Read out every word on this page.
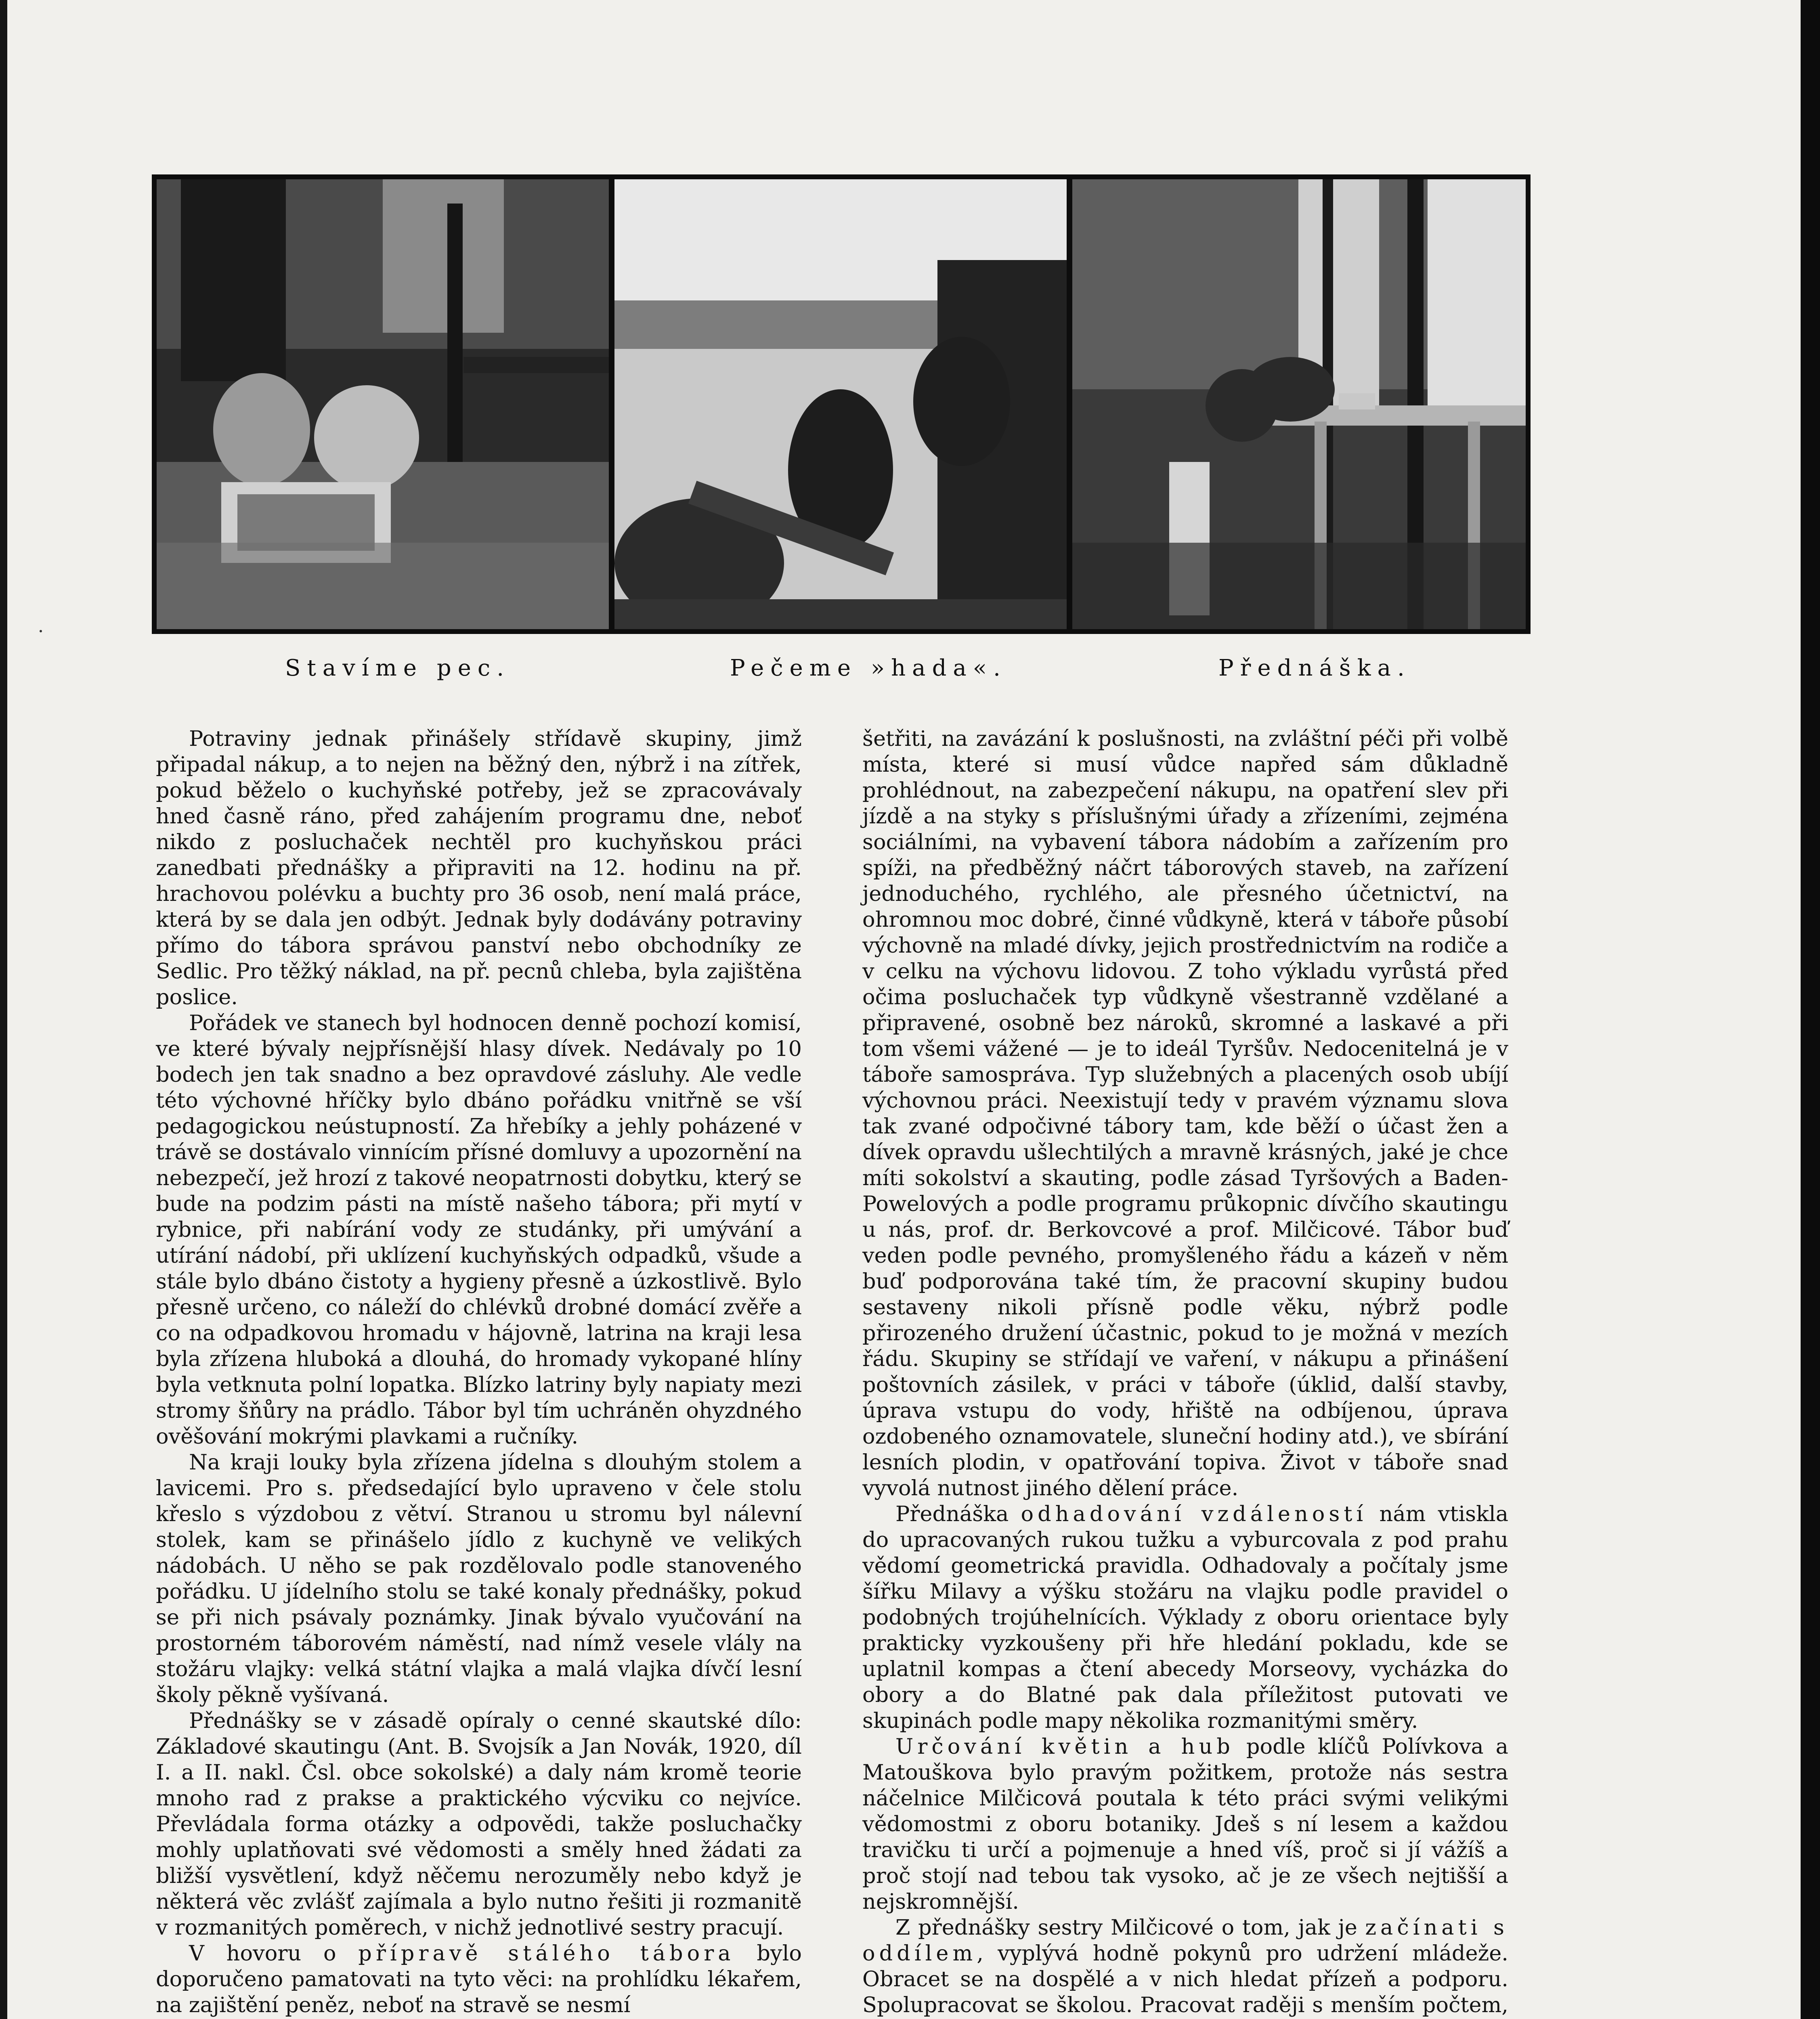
Stavíme pec.	Pečeme »hada«.	Přednáška.

Potraviny jednak přinášely střídavě skupiny, jimž připadal nákup, a to nejen na běžný den, nýbrž i na zítřek, pokud běželo o kuchyňské potřeby, jež se zpracovávaly hned časně ráno, před zahájením programu dne, neboť nikdo z posluchaček nechtěl pro kuchyňskou práci zanedbati přednášky a připraviti na 12. hodinu na př. hrachovou polévku a buchty pro 36 osob, není malá práce, která by se dala jen odbýt. Jednak byly dodávány potraviny přímo do tábora správou panství nebo obchodníky ze Sedlic. Pro těžký náklad, na př. pecnů chleba, byla zajištěna poslice.

Pořádek ve stanech byl hodnocen denně pochozí komisí, ve které bývaly nejpřísnější hlasy dívek. Nedávaly po 10 bodech jen tak snadno a bez opravdové zásluhy. Ale vedle této výchovné hříčky bylo dbáno pořádku vnitřně se vší pedagogickou neústupností. Za hřebíky a jehly poházené v trávě se dostávalo vinnícím přísné domluvy a upozornění na nebezpečí, jež hrozí z takové neopatrnosti dobytku, který se bude na podzim pásti na místě našeho tábora; při mytí v rybnice, při nabírání vody ze studánky, při umývání a utírání nádobí, při uklízení kuchyňských odpadků, všude a stále bylo dbáno čistoty a hygieny přesně a úzkostlivě. Bylo přesně určeno, co náleží do chlévků drobné domácí zvěře a co na odpadkovou hromadu v hájovně, latrina na kraji lesa byla zřízena hluboká a dlouhá, do hromady vykopané hlíny byla vetknuta polní lopatka. Blízko latriny byly napiaty mezi stromy šňůry na prádlo. Tábor byl tím uchráněn ohyzdného ověšování mokrými plavkami a ručníky.

Na kraji louky byla zřízena jídelna s dlouhým stolem a lavicemi. Pro s. předsedající bylo upraveno v čele stolu křeslo s výzdobou z větví. Stranou u stromu byl nálevní stolek, kam se přinášelo jídlo z kuchyně ve velikých nádobách. U něho se pak rozdělovalo podle stanoveného pořádku. U jídelního stolu se také konaly přednášky, pokud se při nich psávaly poznámky. Jinak bývalo vyučování na prostorném táborovém náměstí, nad nímž vesele vlály na stožáru vlajky: velká státní vlajka a malá vlajka dívčí lesní školy pěkně vyšívaná.

Přednášky se v zásadě opíraly o cenné skautské dílo: Základové skautingu (Ant. B. Svojsík a Jan Novák, 1920, díl I. a II. nakl. Čsl. obce sokolské) a daly nám kromě teorie mnoho rad z prakse a praktického výcviku co nejvíce. Převládala forma otázky a odpovědi, takže posluchačky mohly uplatňovati své vědomosti a směly hned žádati za bližší vysvětlení, když něčemu nerozuměly nebo když je některá věc zvlášť zajímala a bylo nutno řešiti ji rozmanitě v rozmanitých poměrech, v nichž jednotlivé sestry pracují.

V hovoru o přípravě stálého tábora bylo doporučeno pamatovati na tyto věci: na prohlídku lékařem, na zajištění peněz, neboť na stravě se nesmí

šetřiti, na zavázání k poslušnosti, na zvláštní péči při volbě místa, které si musí vůdce napřed sám důkladně prohlédnout, na zabezpečení nákupu, na opatření slev při jízdě a na styky s příslušnými úřady a zřízeními, zejména sociálními, na vybavení tábora nádobím a zařízením pro spíži, na předběžný náčrt táborových staveb, na zařízení jednoduchého, rychlého, ale přesného účetnictví, na ohromnou moc dobré, činné vůdkyně, která v táboře působí výchovně na mladé dívky, jejich prostřednictvím na rodiče a v celku na výchovu lidovou. Z toho výkladu vyrůstá před očima posluchaček typ vůdkyně všestranně vzdělané a připravené, osobně bez nároků, skromné a laskavé a při tom všemi vážené — je to ideál Tyršův. Nedocenitelná je v táboře samospráva. Typ služebných a placených osob ubíjí výchovnou práci. Neexistují tedy v pravém významu slova tak zvané odpočivné tábory tam, kde běží o účast žen a dívek opravdu ušlechtilých a mravně krásných, jaké je chce míti sokolství a skauting, podle zásad Tyršových a Baden-Powelových a podle programu průkopnic dívčího skautingu u nás, prof. dr. Berkovcové a prof. Milčicové. Tábor buď veden podle pevného, promyšleného řádu a kázeň v něm buď podporována také tím, že pracovní skupiny budou sestaveny nikoli přísně podle věku, nýbrž podle přirozeného družení účastnic, pokud to je možná v mezích řádu. Skupiny se střídají ve vaření, v nákupu a přinášení poštovních zásilek, v práci v táboře (úklid, další stavby, úprava vstupu do vody, hřiště na odbíjenou, úprava ozdobeného oznamovatele, sluneční hodiny atd.), ve sbírání lesních plodin, v opatřování topiva. Život v táboře snad vyvolá nutnost jiného dělení práce.

Přednáška odhadování vzdáleností nám vtiskla do upracovaných rukou tužku a vyburcovala z pod prahu vědomí geometrická pravidla. Odhadovaly a počítaly jsme šířku Milavy a výšku stožáru na vlajku podle pravidel o podobných trojúhelnících. Výklady z oboru orientace byly prakticky vyzkoušeny při hře hledání pokladu, kde se uplatnil kompas a čtení abecedy Morseovy, vycházka do obory a do Blatné pak dala příležitost putovati ve skupinách podle mapy několika rozmanitými směry.

Určování květin a hub podle klíčů Polívkova a Matouškova bylo pravým požitkem, protože nás sestra náčelnice Milčicová poutala k této práci svými velikými vědomostmi z oboru botaniky. Jdeš s ní lesem a každou travičku ti určí a pojmenuje a hned víš, proč si jí vážíš a proč stojí nad tebou tak vysoko, ač je ze všech nejtišší a nejskromnější.

Z přednášky sestry Milčicové o tom, jak je začínati s oddílem, vyplývá hodně pokynů pro udržení mládeže. Obracet se na dospělé a v nich hledat přízeň a podporu. Spolupracovat se školou. Pracovat raději s menším počtem,
